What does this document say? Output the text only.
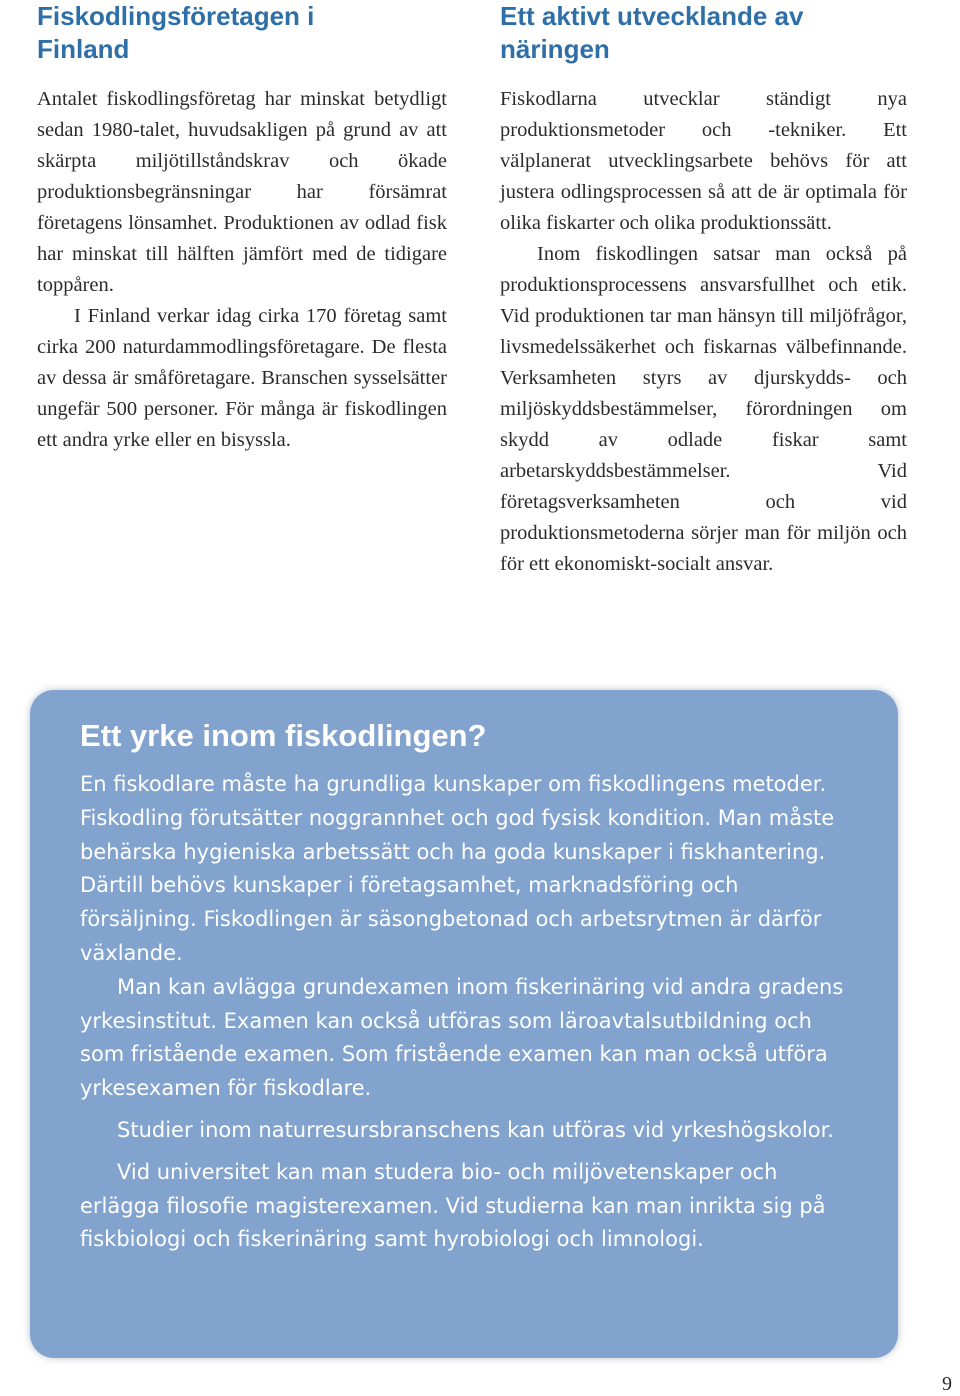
Fiskodlingsföretagen i Finland

Antalet fiskodlingsföretag har minskat betydligt sedan 1980-talet, huvudsakligen på grund av att skärpta miljötillståndskrav och ökade produktionsbegränsningar har försämrat företagens lönsamhet. Produktionen av odlad fisk har minskat till hälften jämfört med de tidigare toppåren.

I Finland verkar idag cirka 170 företag samt cirka 200 naturdammodlingsföretagare. De flesta av dessa är småföretagare. Branschen sysselsätter ungefär 500 personer. För många är fiskodlingen ett andra yrke eller en bisyssla.

Ett aktivt utvecklande av näringen

Fiskodlarna utvecklar ständigt nya produktionsmetoder och -tekniker. Ett välplanerat utvecklingsarbete behövs för att justera odlingsprocessen så att de är optimala för olika fiskarter och olika produktionssätt.

Inom fiskodlingen satsar man också på produktionsprocessens ansvarsfullhet och etik. Vid produktionen tar man hänsyn till miljöfrågor, livsmedelssäkerhet och fiskarnas välbefinnande. Verksamheten styrs av djurskydds- och miljöskyddsbestämmelser, förordningen om skydd av odlade fiskar samt arbetarskyddsbestämmelser. Vid företagsverksamheten och vid produktionsmetoderna sörjer man för miljön och för ett ekonomiskt-socialt ansvar.

Ett yrke inom fiskodlingen?

En fiskodlare måste ha grundliga kunskaper om fiskodlingens metoder. Fiskodling förutsätter noggrannhet och god fysisk kondition. Man måste behärska hygieniska arbetssätt och ha goda kunskaper i fiskhantering. Därtill behövs kunskaper i företagsamhet, marknadsföring och försäljning. Fiskodlingen är säsongbetonad och arbetsrytmen är därför växlande.

Man kan avlägga grundexamen inom fiskerinäring vid andra gradens yrkesinstitut. Examen kan också utföras som läroavtalsutbildning och som fristående examen. Som fristående examen kan man också utföra yrkesexamen för fiskodlare.

Studier inom naturresursbranschens kan utföras vid yrkeshögskolor.

Vid universitet kan man studera bio- och miljövetenskaper och erlägga filosofie magisterexamen. Vid studierna kan man inrikta sig på fiskbiologi och fiskerinäring samt hyrobiologi och limnologi.

9
